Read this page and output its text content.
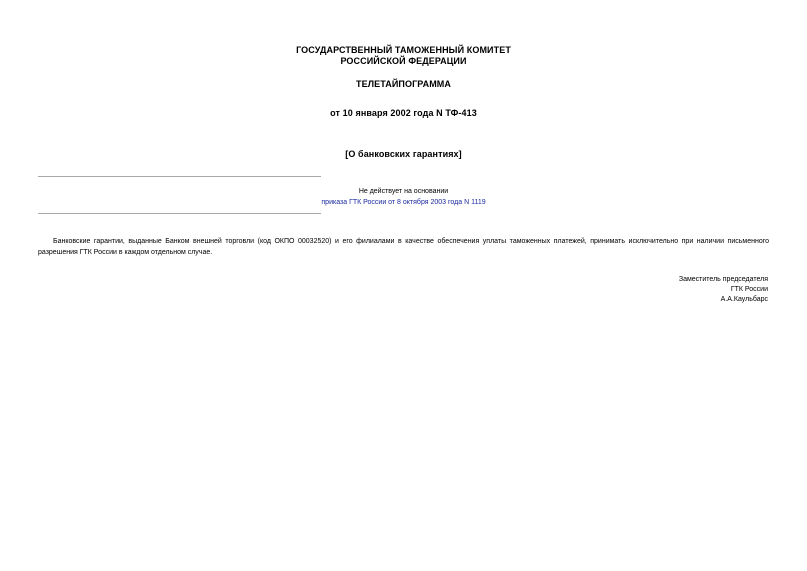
ГОСУДАРСТВЕННЫЙ ТАМОЖЕННЫЙ КОМИТЕТ
РОССИЙСКОЙ ФЕДЕРАЦИИ
ТЕЛЕТАЙПОГРАММА
от 10 января 2002 года N ТФ-413
[О банковских гарантиях]
Не действует на основании
приказа ГТК России от 8 октября 2003 года N 1119

Банковские гарантии, выданные Банком внешней торговли (код ОКПО 00032520) и его филиалами в качестве обеспечения уплаты таможенных платежей, принимать исключительно при наличии письменного разрешения ГТК России в каждом отдельном случае.

Заместитель председателя
ГТК России
А.А.Каульбарс
